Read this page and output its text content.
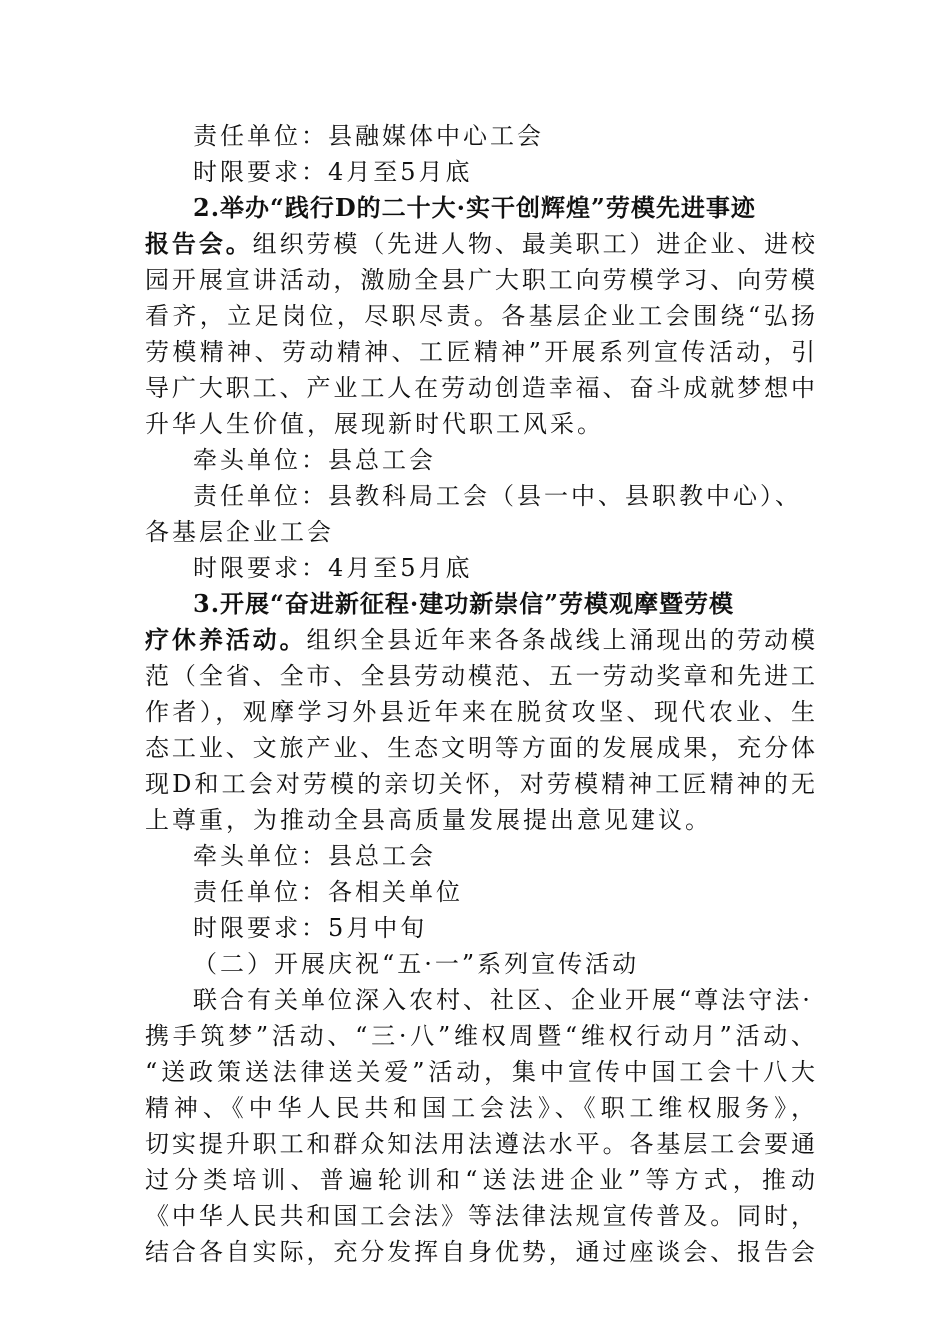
责任单位：县融媒体中心工会
时限要求：4月至5月底
2.举办“践行D的二十大·实干创辉煌”劳模先进事迹
报告会。组织劳模（先进人物、最美职工）进企业、进校
园开展宣讲活动，激励全县广大职工向劳模学习、向劳模
看齐，立足岗位，尽职尽责。各基层企业工会围绕“弘扬
劳模精神、劳动精神、工匠精神”开展系列宣传活动，引
导广大职工、产业工人在劳动创造幸福、奋斗成就梦想中
升华人生价值，展现新时代职工风采。
牵头单位：县总工会
责任单位：县教科局工会（县一中、县职教中心）、
各基层企业工会
时限要求：4月至5月底
3.开展“奋进新征程·建功新崇信”劳模观摩暨劳模
疗休养活动。组织全县近年来各条战线上涌现出的劳动模
范（全省、全市、全县劳动模范、五一劳动奖章和先进工
作者），观摩学习外县近年来在脱贫攻坚、现代农业、生
态工业、文旅产业、生态文明等方面的发展成果，充分体
现D和工会对劳模的亲切关怀，对劳模精神工匠精神的无
上尊重，为推动全县高质量发展提出意见建议。
牵头单位：县总工会
责任单位：各相关单位
时限要求：5月中旬
（二）开展庆祝“五·一”系列宣传活动
联合有关单位深入农村、社区、企业开展“尊法守法·
携手筑梦”活动、“三·八”维权周暨“维权行动月”活动、
“送政策送法律送关爱”活动，集中宣传中国工会十八大
精神、《中华人民共和国工会法》、《职工维权服务》，
切实提升职工和群众知法用法遵法水平。各基层工会要通
过分类培训、普遍轮训和“送法进企业”等方式，推动
《中华人民共和国工会法》等法律法规宣传普及。同时，
结合各自实际，充分发挥自身优势，通过座谈会、报告会
